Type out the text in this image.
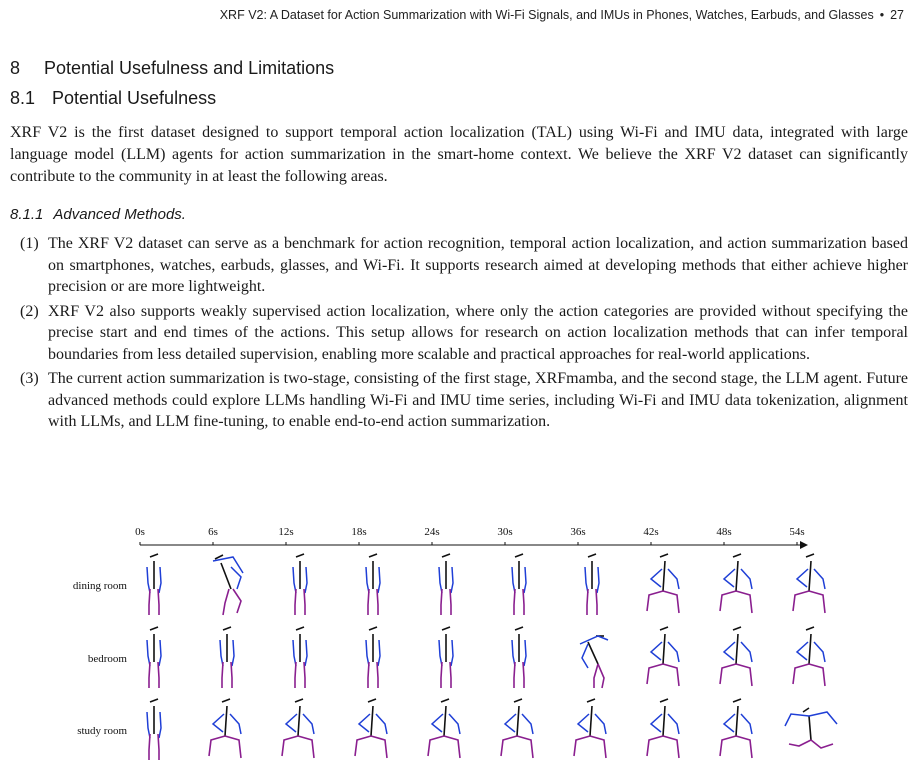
XRF V2: A Dataset for Action Summarization with Wi-Fi Signals, and IMUs in Phones, Watches, Earbuds, and Glasses • 27
8 Potential Usefulness and Limitations
8.1 Potential Usefulness

XRF V2 is the first dataset designed to support temporal action localization (TAL) using Wi-Fi and IMU data, integrated with large language model (LLM) agents for action summarization in the smart-home context. We believe the XRF V2 dataset can significantly contribute to the community in at least the following areas.

8.1.1 Advanced Methods.
(1) The XRF V2 dataset can serve as a benchmark for action recognition, temporal action localization, and action summarization based on smartphones, watches, earbuds, glasses, and Wi-Fi. It supports research aimed at developing methods that either achieve higher precision or are more lightweight.
(2) XRF V2 also supports weakly supervised action localization, where only the action categories are provided without specifying the precise start and end times of the actions. This setup allows for research on action localization methods that can infer temporal boundaries from less detailed supervision, enabling more scalable and practical approaches for real-world applications.
(3) The current action summarization is two-stage, consisting of the first stage, XRFmamba, and the second stage, the LLM agent. Future advanced methods could explore LLMs handling Wi-Fi and IMU time series, including Wi-Fi and IMU data tokenization, alignment with LLMs, and LLM fine-tuning, to enable end-to-end action summarization.
0s	6s	12s	18s	24s	30s	36s	42s	48s	54s
dining room
bedroom
study room
